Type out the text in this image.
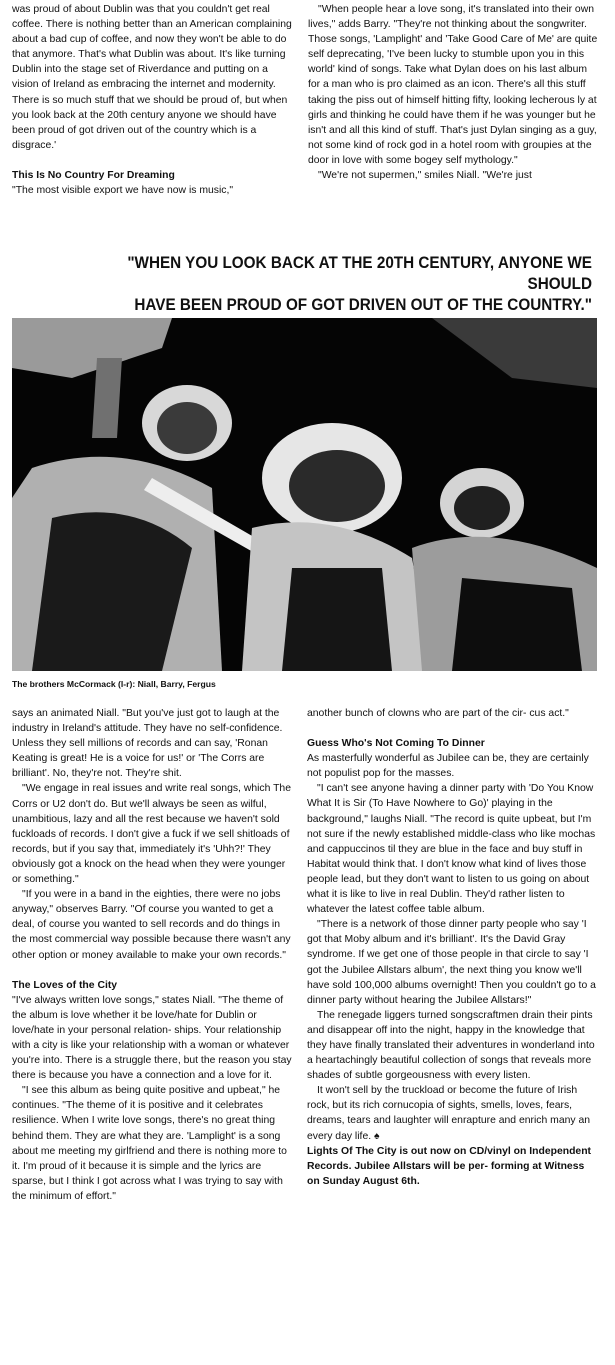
was proud of about Dublin was that you couldn't get real coffee. There is nothing better than an American complaining about a bad cup of coffee, and now they won't be able to do that anymore. That's what Dublin was about. It's like turning Dublin into the stage set of Riverdance and putting on a vision of Ireland as embracing the internet and modernity. There is so much stuff that we should be proud of, but when you look back at the 20th century anyone we should have been proud of got driven out of the country which is a disgrace.'

This Is No Country For Dreaming

"The most visible export we have now is music,"

"When people hear a love song, it's translated into their own lives," adds Barry. "They're not thinking about the songwriter. Those songs, 'Lamplight' and 'Take Good Care of Me' are quite self deprecating, 'I've been lucky to stumble upon you in this world' kind of songs. Take what Dylan does on his last album for a man who is pro claimed as an icon. There's all this stuff taking the piss out of himself hitting fifty, looking lecherous ly at girls and thinking he could have them if he was younger but he isn't and all this kind of stuff. That's just Dylan singing as a guy, not some kind of rock god in a hotel room with groupies at the door in love with some bogey self mythology."

"We're not supermen," smiles Niall. "We're just

"WHEN YOU LOOK BACK AT THE 20TH CENTURY, ANYONE WE SHOULD
HAVE BEEN PROUD OF GOT DRIVEN OUT OF THE COUNTRY."
The brothers McCormack (l-r): Niall, Barry, Fergus

says an animated Niall. "But you've just got to laugh at the industry in Ireland's attitude. They have no self-confidence. Unless they sell millions of records and can say, 'Ronan Keating is great! He is a voice for us!' or 'The Corrs are brilliant'. No, they're not. They're shit.

"We engage in real issues and write real songs, which The Corrs or U2 don't do. But we'll always be seen as wilful, unambitious, lazy and all the rest because we haven't sold fuckloads of records. I don't give a fuck if we sell shitloads of records, but if you say that, immediately it's 'Uhh?!' They obviously got a knock on the head when they were younger or something."

"If you were in a band in the eighties, there were no jobs anyway," observes Barry. "Of course you wanted to get a deal, of course you wanted to sell records and do things in the most commercial way possible because there wasn't any other option or money available to make your own records."

The Loves of the City

"I've always written love songs," states Niall. "The theme of the album is love whether it be love/hate for Dublin or love/hate in your personal relation- ships. Your relationship with a city is like your relationship with a woman or whatever you're into. There is a struggle there, but the reason you stay there is because you have a connection and a love for it.

"I see this album as being quite positive and upbeat," he continues. "The theme of it is positive and it celebrates resilience. When I write love songs, there's no great thing behind them. They are what they are. 'Lamplight' is a song about me meeting my girlfriend and there is nothing more to it. I'm proud of it because it is simple and the lyrics are sparse, but I think I got across what I was trying to say with the minimum of effort."

another bunch of clowns who are part of the cir- cus act."

Guess Who's Not Coming To Dinner

As masterfully wonderful as Jubilee can be, they are certainly not populist pop for the masses.

"I can't see anyone having a dinner party with 'Do You Know What It is Sir (To Have Nowhere to Go)' playing in the background," laughs Niall. "The record is quite upbeat, but I'm not sure if the newly established middle-class who like mochas and cappuccinos til they are blue in the face and buy stuff in Habitat would think that. I don't know what kind of lives those people lead, but they don't want to listen to us going on about what it is like to live in real Dublin. They'd rather listen to whatever the latest coffee table album.

"There is a network of those dinner party people who say 'I got that Moby album and it's brilliant'. It's the David Gray syndrome. If we get one of those people in that circle to say 'I got the Jubilee Allstars album', the next thing you know we'll have sold 100,000 albums overnight! Then you couldn't go to a dinner party without hearing the Jubilee Allstars!"

The renegade liggers turned songscraftmen drain their pints and disappear off into the night, happy in the knowledge that they have finally translated their adventures in wonderland into a heartachingly beautiful collection of songs that reveals more shades of subtle gorgeousness with every listen.

It won't sell by the truckload or become the future of Irish rock, but its rich cornucopia of sights, smells, loves, fears, dreams, tears and laughter will enrapture and enrich many an every day life. ♠

Lights Of The City is out now on CD/vinyl on Independent Records. Jubilee Allstars will be per- forming at Witness on Sunday August 6th.
